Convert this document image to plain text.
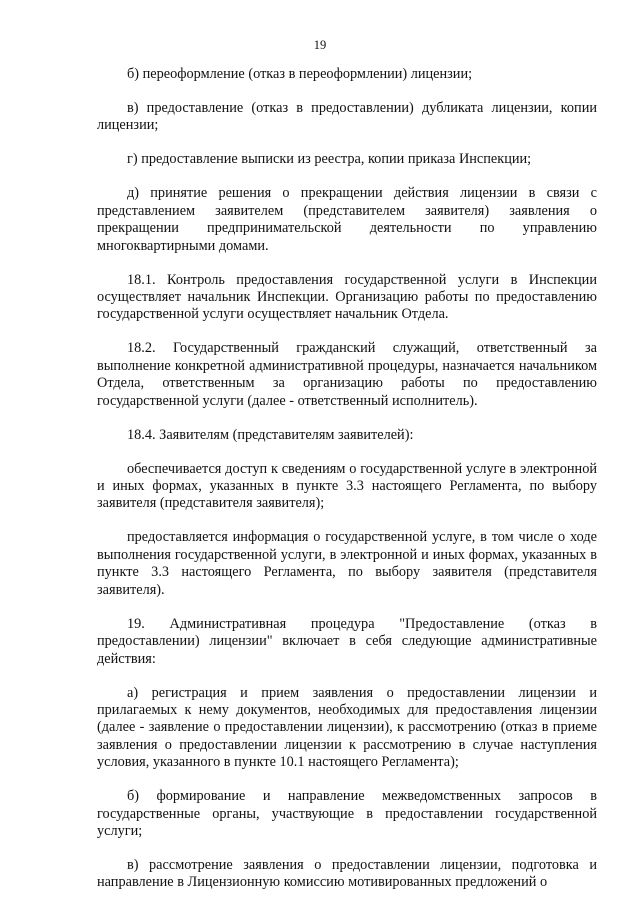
19

б) переоформление (отказ в переоформлении) лицензии;

в) предоставление (отказ в предоставлении) дубликата лицензии, копии лицензии;

г) предоставление выписки из реестра, копии приказа Инспекции;

д) принятие решения о прекращении действия лицензии в связи с представлением заявителем (представителем заявителя) заявления о прекращении предпринимательской деятельности по управлению многоквартирными домами.

18.1. Контроль предоставления государственной услуги в Инспекции осуществляет начальник Инспекции. Организацию работы по предоставлению государственной услуги осуществляет начальник Отдела.

18.2. Государственный гражданский служащий, ответственный за выполнение конкретной административной процедуры, назначается начальником Отдела, ответственным за организацию работы по предоставлению государственной услуги (далее - ответственный исполнитель).

18.4. Заявителям (представителям заявителей):

обеспечивается доступ к сведениям о государственной услуге в электронной и иных формах, указанных в пункте 3.3 настоящего Регламента, по выбору заявителя (представителя заявителя);

предоставляется информация о государственной услуге, в том числе о ходе выполнения государственной услуги, в электронной и иных формах, указанных в пункте 3.3 настоящего Регламента, по выбору заявителя (представителя заявителя).

19. Административная процедура "Предоставление (отказ в предоставлении) лицензии" включает в себя следующие административные действия:

а) регистрация и прием заявления о предоставлении лицензии и прилагаемых к нему документов, необходимых для предоставления лицензии (далее - заявление о предоставлении лицензии), к рассмотрению (отказ в приеме заявления о предоставлении лицензии к рассмотрению в случае наступления условия, указанного в пункте 10.1 настоящего Регламента);

б) формирование и направление межведомственных запросов в государственные органы, участвующие в предоставлении государственной услуги;

в) рассмотрение заявления о предоставлении лицензии, подготовка и направление в Лицензионную комиссию мотивированных предложений о
